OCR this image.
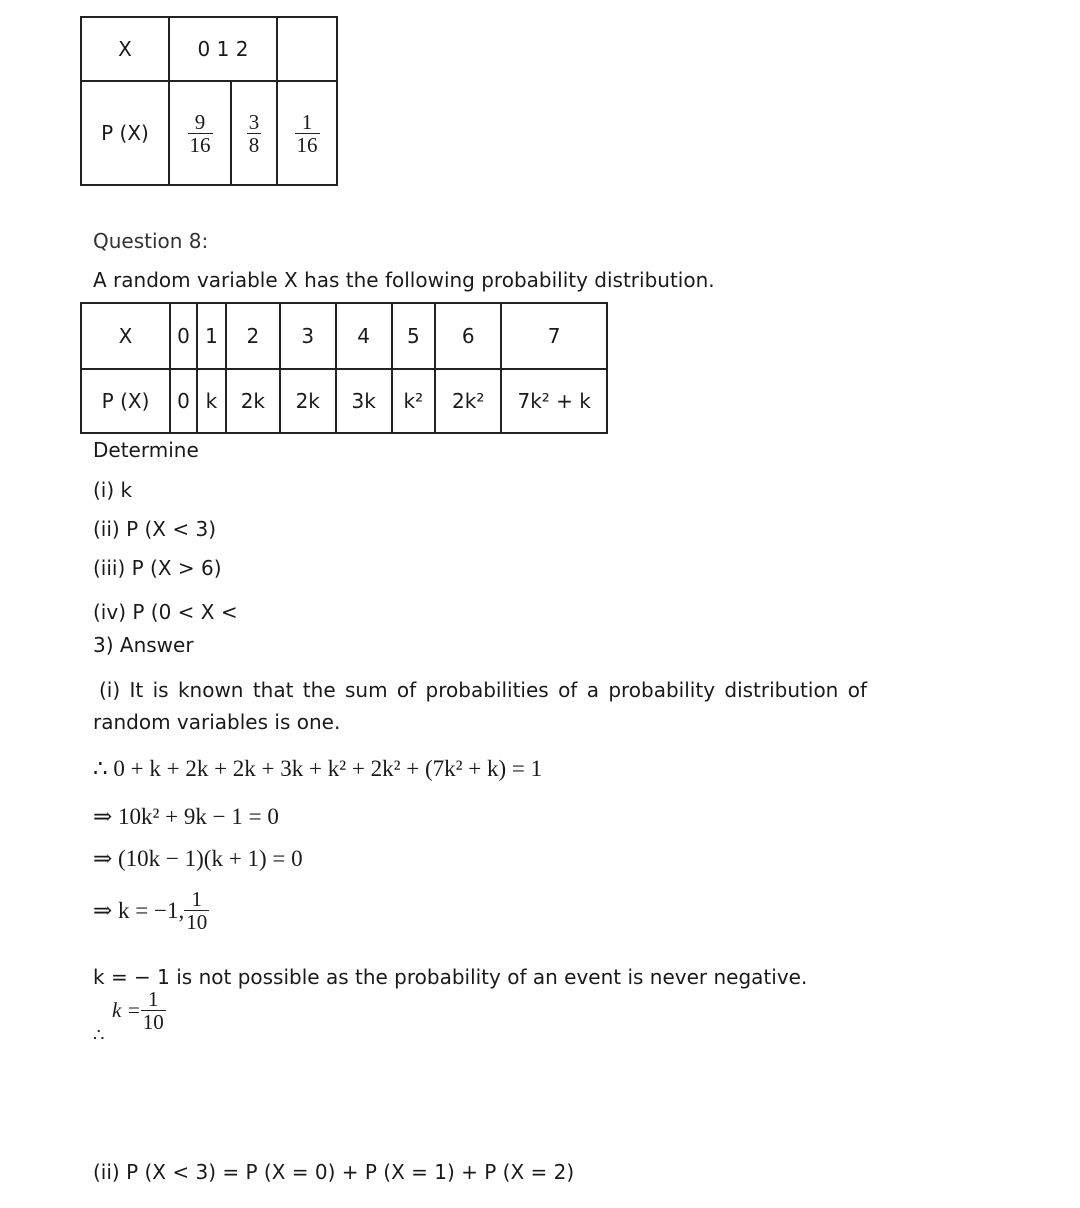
X	0 1 2		
P (X)	$\frac{9}{16}$	$\frac{3}{8}$	$\frac{1}{16}$
Question 8:
A random variable X has the following probability distribution.
X	0	1	2	3	4	5	6	7
P (X)	0	k	2k	2k	3k	k²	2k²	7k² + k
Determine
(i) k
(ii) P (X < 3)
(iii) P (X > 6)
(iv) P (0 < X <
3) Answer
(i) It is known that the sum of probabilities of a probability distribution of
random variables is one.
∴ 0 + k + 2k + 2k + 3k + k² + 2k² + (7k² + k) = 1
⇒ 10k² + 9k − 1 = 0
⇒ (10k − 1)(k + 1) = 0
⇒ k = −1, $\frac{1}{10}$
k = − 1 is not possible as the probability of an event is never negative.
∴
$k = \frac{1}{10}$
(ii) P (X < 3) = P (X = 0) + P (X = 1) + P (X = 2)
